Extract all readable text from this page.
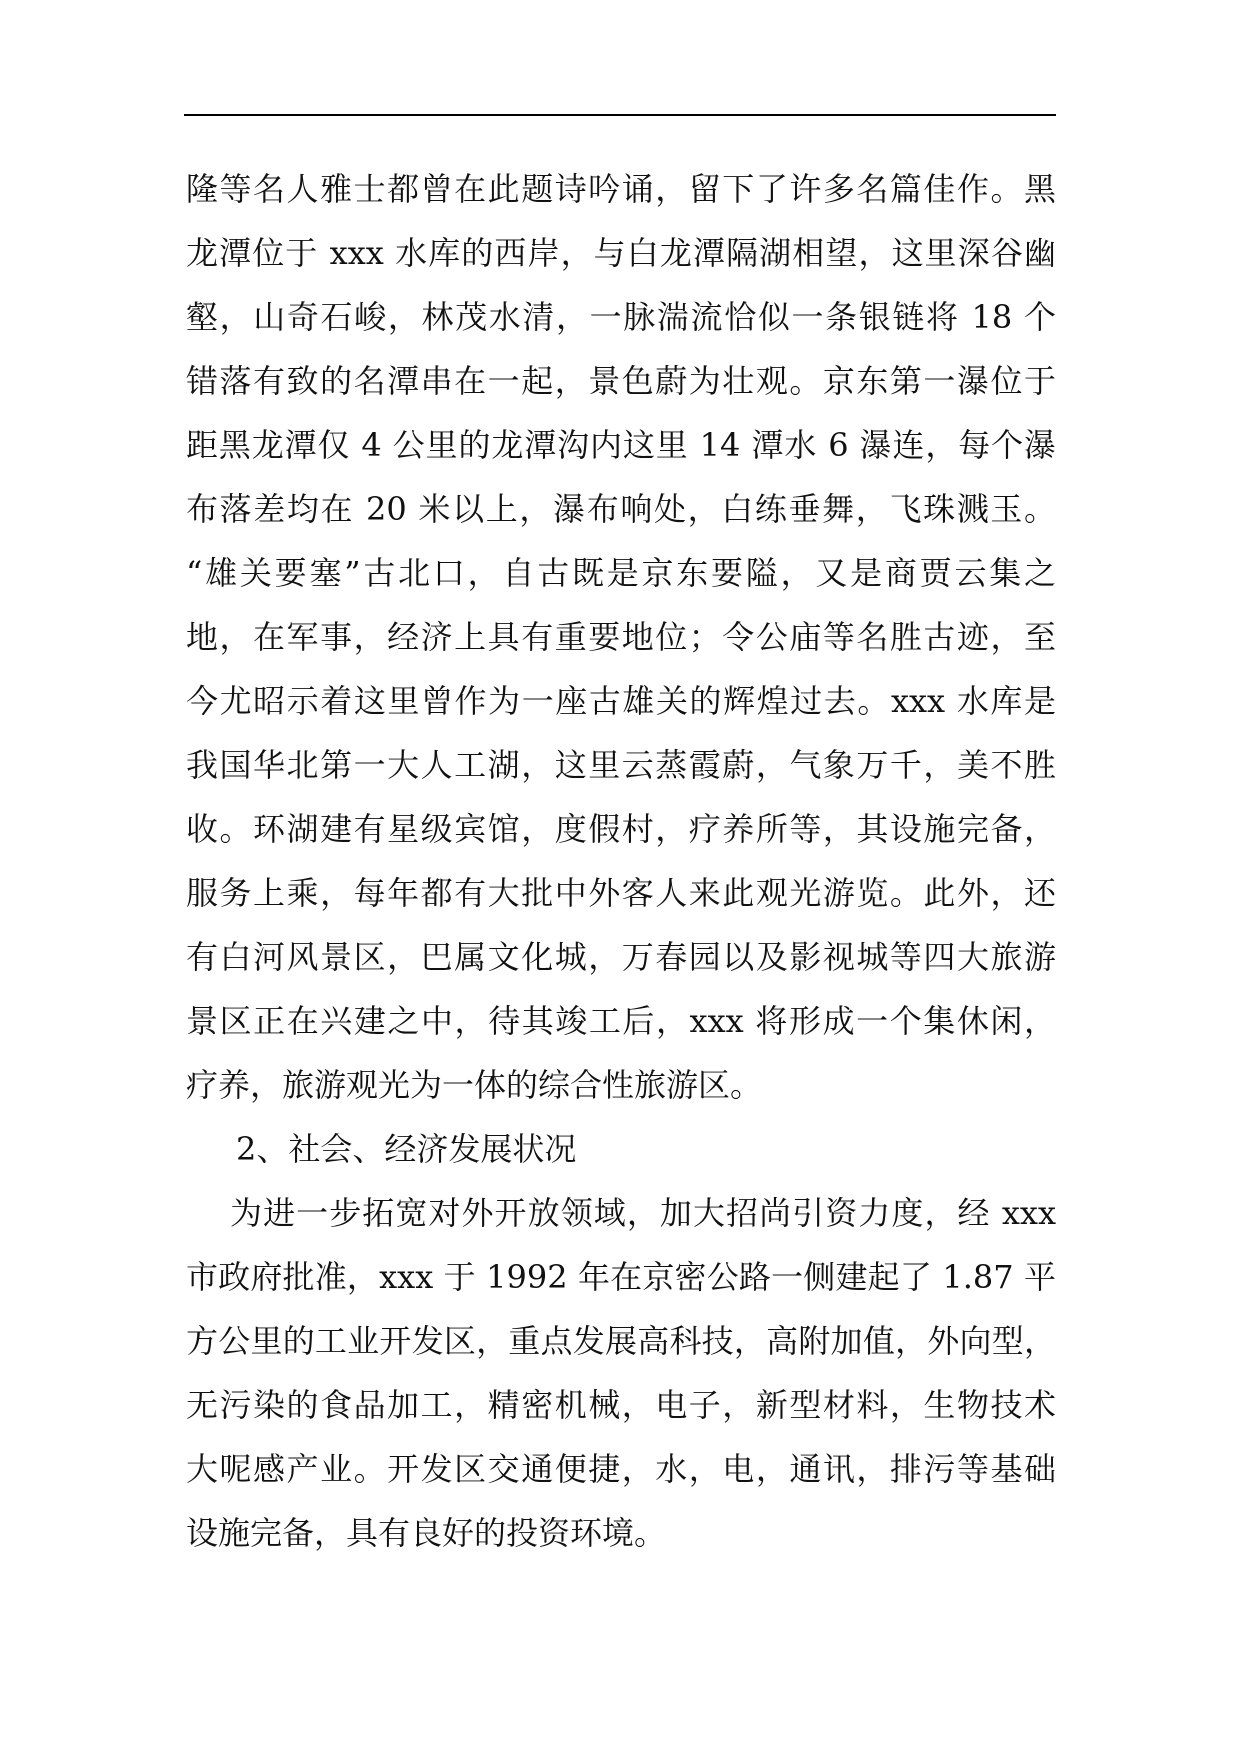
隆等名人雅士都曾在此题诗吟诵，留下了许多名篇佳作。黑
龙潭位于 xxx 水库的西岸，与白龙潭隔湖相望，这里深谷幽
壑，山奇石峻，林茂水清，一脉湍流恰似一条银链将 18 个
错落有致的名潭串在一起，景色蔚为壮观。京东第一瀑位于
距黑龙潭仅 4 公里的龙潭沟内这里 14 潭水 6 瀑连，每个瀑
布落差均在 20 米以上，瀑布响处，白练垂舞，飞珠溅玉。
“雄关要塞”古北口，自古既是京东要隘，又是商贾云集之
地，在军事，经济上具有重要地位；令公庙等名胜古迹，至
今尤昭示着这里曾作为一座古雄关的辉煌过去。xxx 水库是
我国华北第一大人工湖，这里云蒸霞蔚，气象万千，美不胜
收。环湖建有星级宾馆，度假村，疗养所等，其设施完备，
服务上乘，每年都有大批中外客人来此观光游览。此外，还
有白河风景区，巴属文化城，万春园以及影视城等四大旅游
景区正在兴建之中，待其竣工后，xxx 将形成一个集休闲，
疗养，旅游观光为一体的综合性旅游区。
2、社会、经济发展状况
为进一步拓宽对外开放领域，加大招尚引资力度，经 xxx
市政府批准，xxx 于 1992 年在京密公路一侧建起了 1.87 平
方公里的工业开发区，重点发展高科技，高附加值，外向型，
无污染的食品加工，精密机械，电子，新型材料，生物技术
大呢感产业。开发区交通便捷，水，电，通讯，排污等基础
设施完备，具有良好的投资环境。
